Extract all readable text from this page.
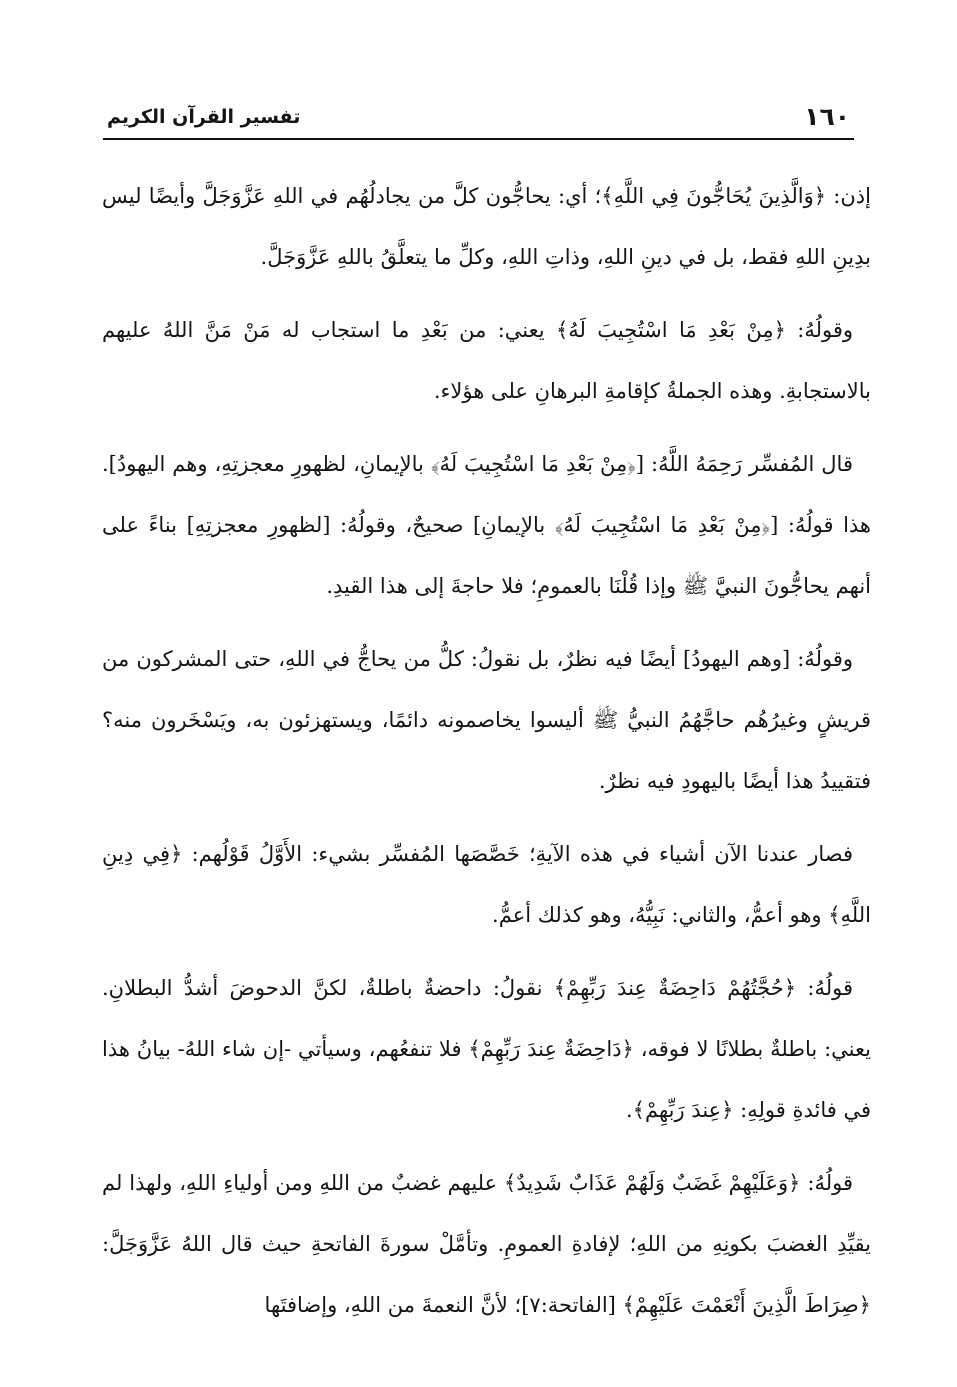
١٦٠
تفسير القرآن الكريم

إذن: ﴿وَالَّذِينَ يُحَاجُّونَ فِي اللَّهِ﴾؛ أي: يحاجُّون كلَّ من يجادلُهُم في اللهِ عَزَّوَجَلَّ وأيضًا ليس بدِينِ اللهِ فقط، بل في دينِ اللهِ، وذاتِ اللهِ، وكلِّ ما يتعلَّقُ باللهِ عَزَّوَجَلَّ.

وقولُهُ: ﴿مِنْ بَعْدِ مَا اسْتُجِيبَ لَهُ﴾ يعني: من بَعْدِ ما استجاب له مَنْ مَنَّ اللهُ عليهم بالاستجابةِ. وهذه الجملةُ كإقامةِ البرهانِ على هؤلاء.

قال المُفسِّر رَحِمَهُ اللَّهُ: [﴿مِنْ بَعْدِ مَا اسْتُجِيبَ لَهُ﴾ بالإيمانِ، لظهورِ معجزتِهِ، وهم اليهودُ]. هذا قولُهُ: [﴿مِنْ بَعْدِ مَا اسْتُجِيبَ لَهُ﴾ بالإيمانِ] صحيحٌ، وقولُهُ: [لظهورِ معجزتِهِ] بناءً على أنهم يحاجُّونَ النبيَّ ﷺ وإذا قُلْنَا بالعمومِ؛ فلا حاجةَ إلى هذا القيدِ.

وقولُهُ: [وهم اليهودُ] أيضًا فيه نظرٌ، بل نقولُ: كلُّ من يحاجُّ في اللهِ، حتى المشركون من قريشٍ وغيرُهُم حاجَّهُمُ النبيُّ ﷺ أليسوا يخاصمونه دائمًا، ويستهزئون به، ويَسْخَرون منه؟ فتقييدُ هذا أيضًا باليهودِ فيه نظرٌ.

فصار عندنا الآن أشياء في هذه الآيةِ؛ خَصَّصَها المُفسِّر بشيء: الأَوَّلُ قَوْلُهم: ﴿فِي دِينِ اللَّهِ﴾ وهو أعمُّ، والثاني: نَبِيُّهُ، وهو كذلك أعمُّ.

قولُهُ: ﴿حُجَّتُهُمْ دَاحِضَةٌ عِندَ رَبِّهِمْ﴾ نقولُ: داحضةٌ باطلةٌ، لكنَّ الدحوضَ أشدُّ البطلانِ. يعني: باطلةٌ بطلانًا لا فوقه، ﴿دَاحِضَةٌ عِندَ رَبِّهِمْ﴾ فلا تنفعُهم، وسيأتي -إن شاء اللهُ- بيانُ هذا في فائدةِ قولِهِ: ﴿عِندَ رَبِّهِمْ﴾.

قولُهُ: ﴿وَعَلَيْهِمْ غَضَبٌ وَلَهُمْ عَذَابٌ شَدِيدٌ﴾ عليهم غضبٌ من اللهِ ومن أولياءِ اللهِ، ولهذا لم يقيِّدِ الغضبَ بكونِهِ من اللهِ؛ لإفادةِ العمومِ. وتأمَّلْ سورةَ الفاتحةِ حيث قال اللهُ عَزَّوَجَلَّ: ﴿صِرَاطَ الَّذِينَ أَنْعَمْتَ عَلَيْهِمْ﴾ [الفاتحة:٧]؛ لأنَّ النعمةَ من اللهِ، وإضافتَها
